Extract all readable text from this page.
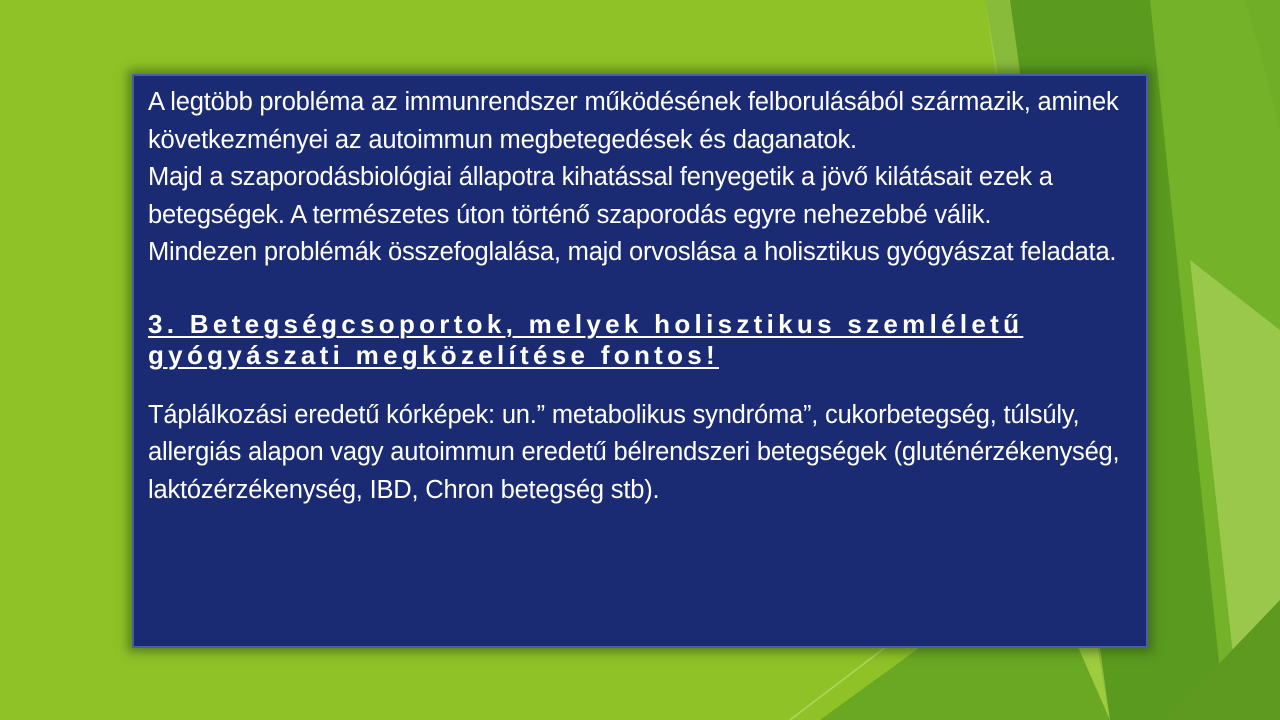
A legtöbb probléma az immunrendszer működésének felborulásából származik, aminek következményei az autoimmun megbetegedések és daganatok.
Majd a szaporodásbiológiai állapotra kihatással fenyegetik a jövő kilátásait ezek a betegségek. A természetes úton történő szaporodás egyre nehezebbé válik.
Mindezen problémák összefoglalása, majd orvoslása a holisztikus gyógyászat feladata.
3. Betegségcsoportok, melyek holisztikus szemléletű gyógyászati megközelítése fontos!
Táplálkozási eredetű kórképek: un.” metabolikus syndróma”, cukorbetegség, túlsúly, allergiás alapon vagy autoimmun eredetű bélrendszeri betegségek (gluténérzékenység, laktózérzékenység, IBD, Chron betegség stb).
